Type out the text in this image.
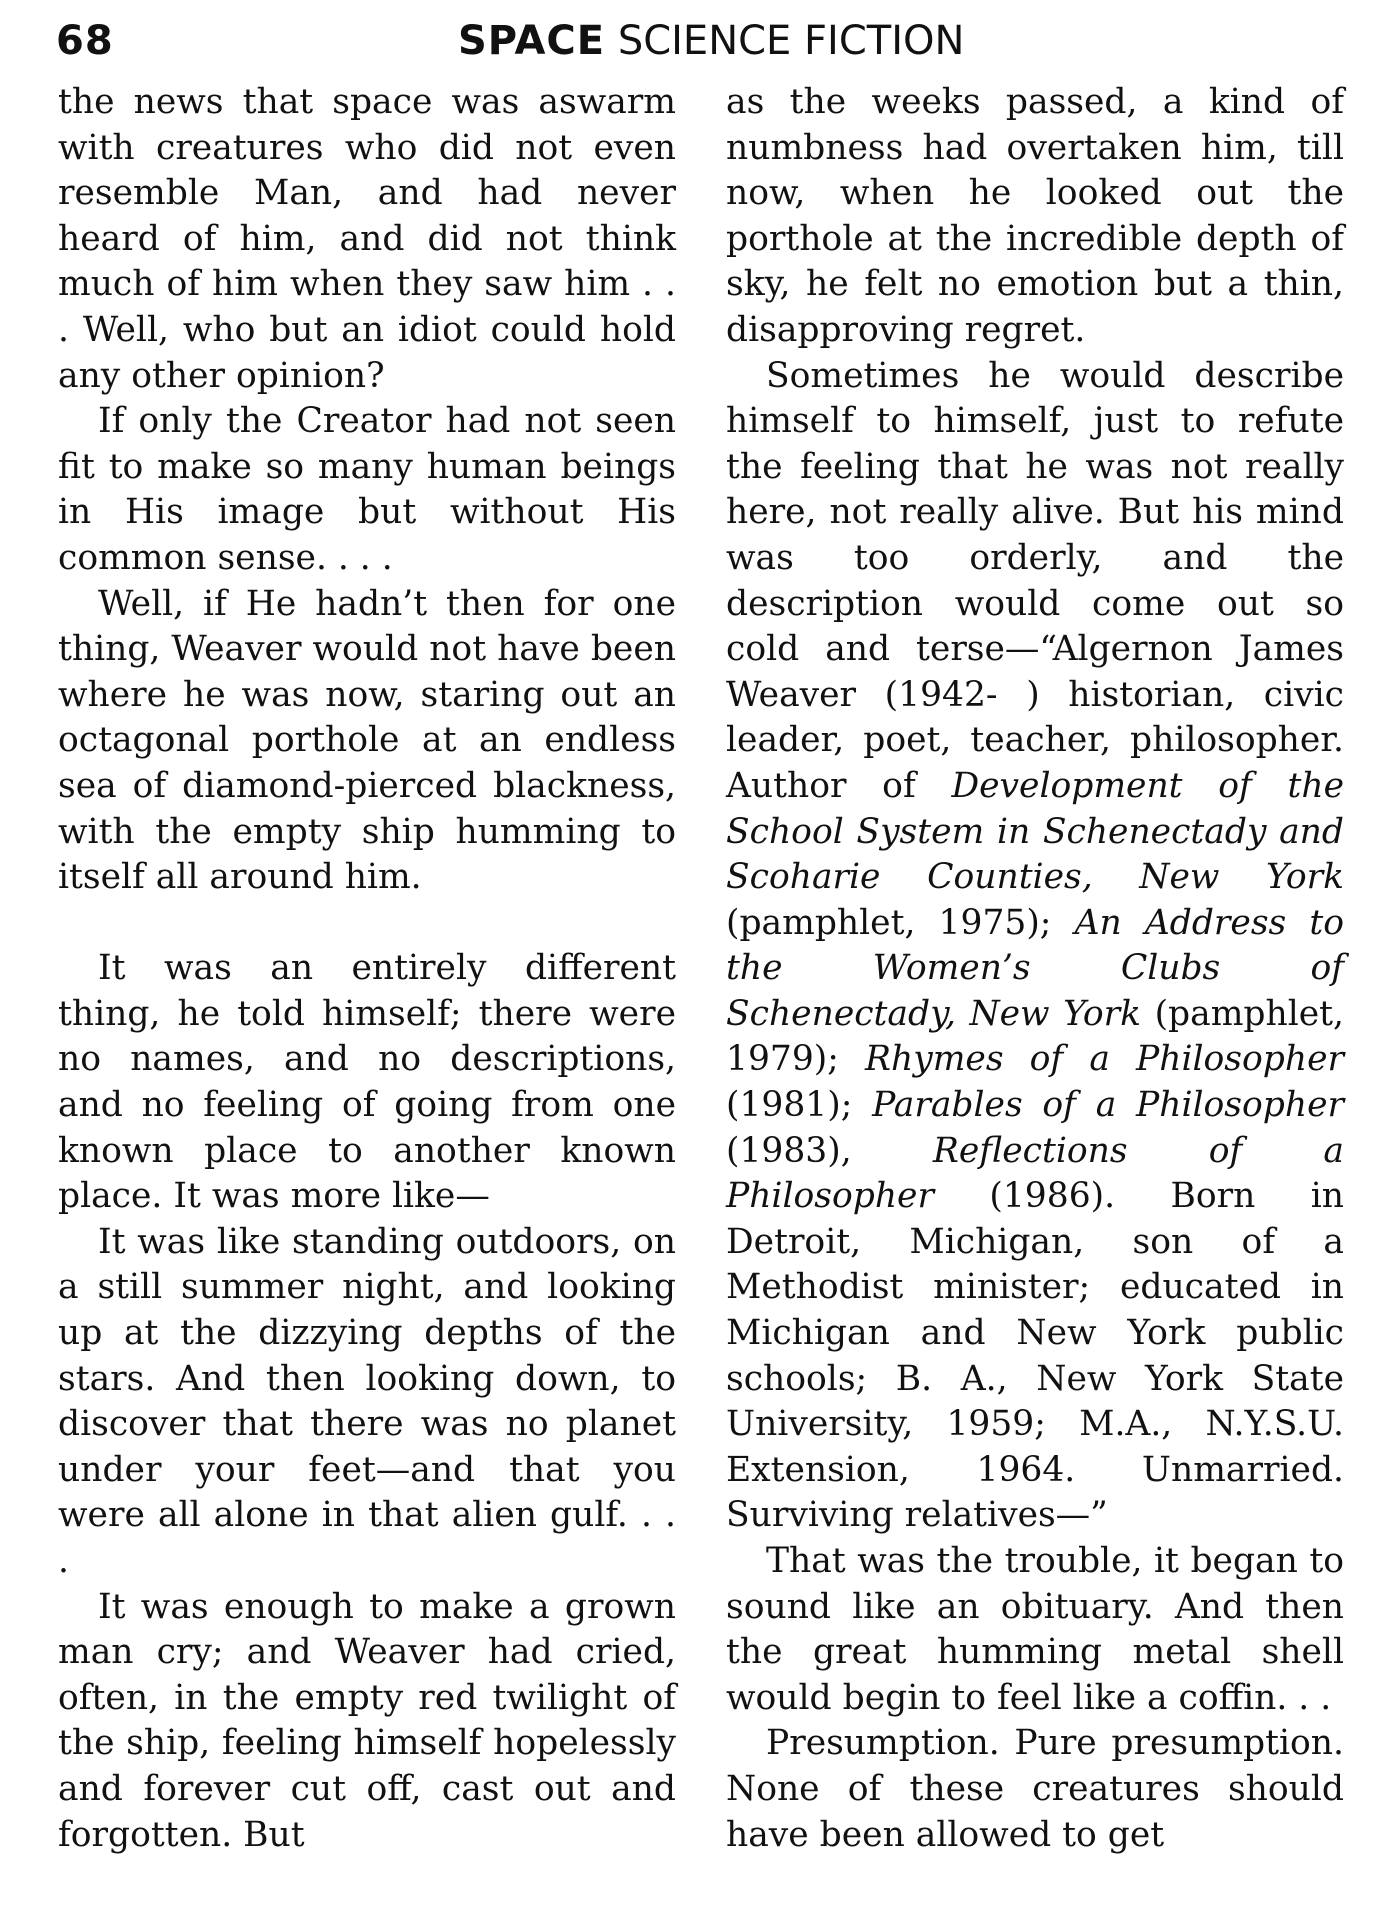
68	SPACE SCIENCE FICTION

the news that space was aswarm with creatures who did not even resemble Man, and had never heard of him, and did not think much of him when they saw him . . . Well, who but an idiot could hold any other opinion?

If only the Creator had not seen fit to make so many human beings in His image but without His common sense. . . .

Well, if He hadn’t then for one thing, Weaver would not have been where he was now, staring out an octagonal porthole at an endless sea of diamond-pierced blackness, with the empty ship humming to itself all around him.

It was an entirely different thing, he told himself; there were no names, and no descriptions, and no feeling of going from one known place to another known place. It was more like—

It was like standing outdoors, on a still summer night, and looking up at the dizzying depths of the stars. And then looking down, to discover that there was no planet under your feet—and that you were all alone in that alien gulf. . . .

It was enough to make a grown man cry; and Weaver had cried, often, in the empty red twilight of the ship, feeling himself hopelessly and forever cut off, cast out and forgotten. But

as the weeks passed, a kind of numbness had overtaken him, till now, when he looked out the porthole at the incredible depth of sky, he felt no emotion but a thin, disapproving regret.

Sometimes he would describe himself to himself, just to refute the feeling that he was not really here, not really alive. But his mind was too orderly, and the description would come out so cold and terse—“Algernon James Weaver (1942- ) historian, civic leader, poet, teacher, philosopher. Author of Development of the School System in Schenectady and Scoharie Counties, New York (pamphlet, 1975); An Address to the Women’s Clubs of Schenectady, New York (pamphlet, 1979); Rhymes of a Philosopher (1981); Parables of a Philosopher (1983), Reflections of a Philosopher (1986). Born in Detroit, Michigan, son of a Methodist minister; educated in Michigan and New York public schools; B. A., New York State University, 1959; M.A., N.Y.S.U. Extension, 1964. Unmarried. Surviving relatives—”

That was the trouble, it began to sound like an obituary. And then the great humming metal shell would begin to feel like a coffin. . .

Presumption. Pure presumption. None of these creatures should have been allowed to get
